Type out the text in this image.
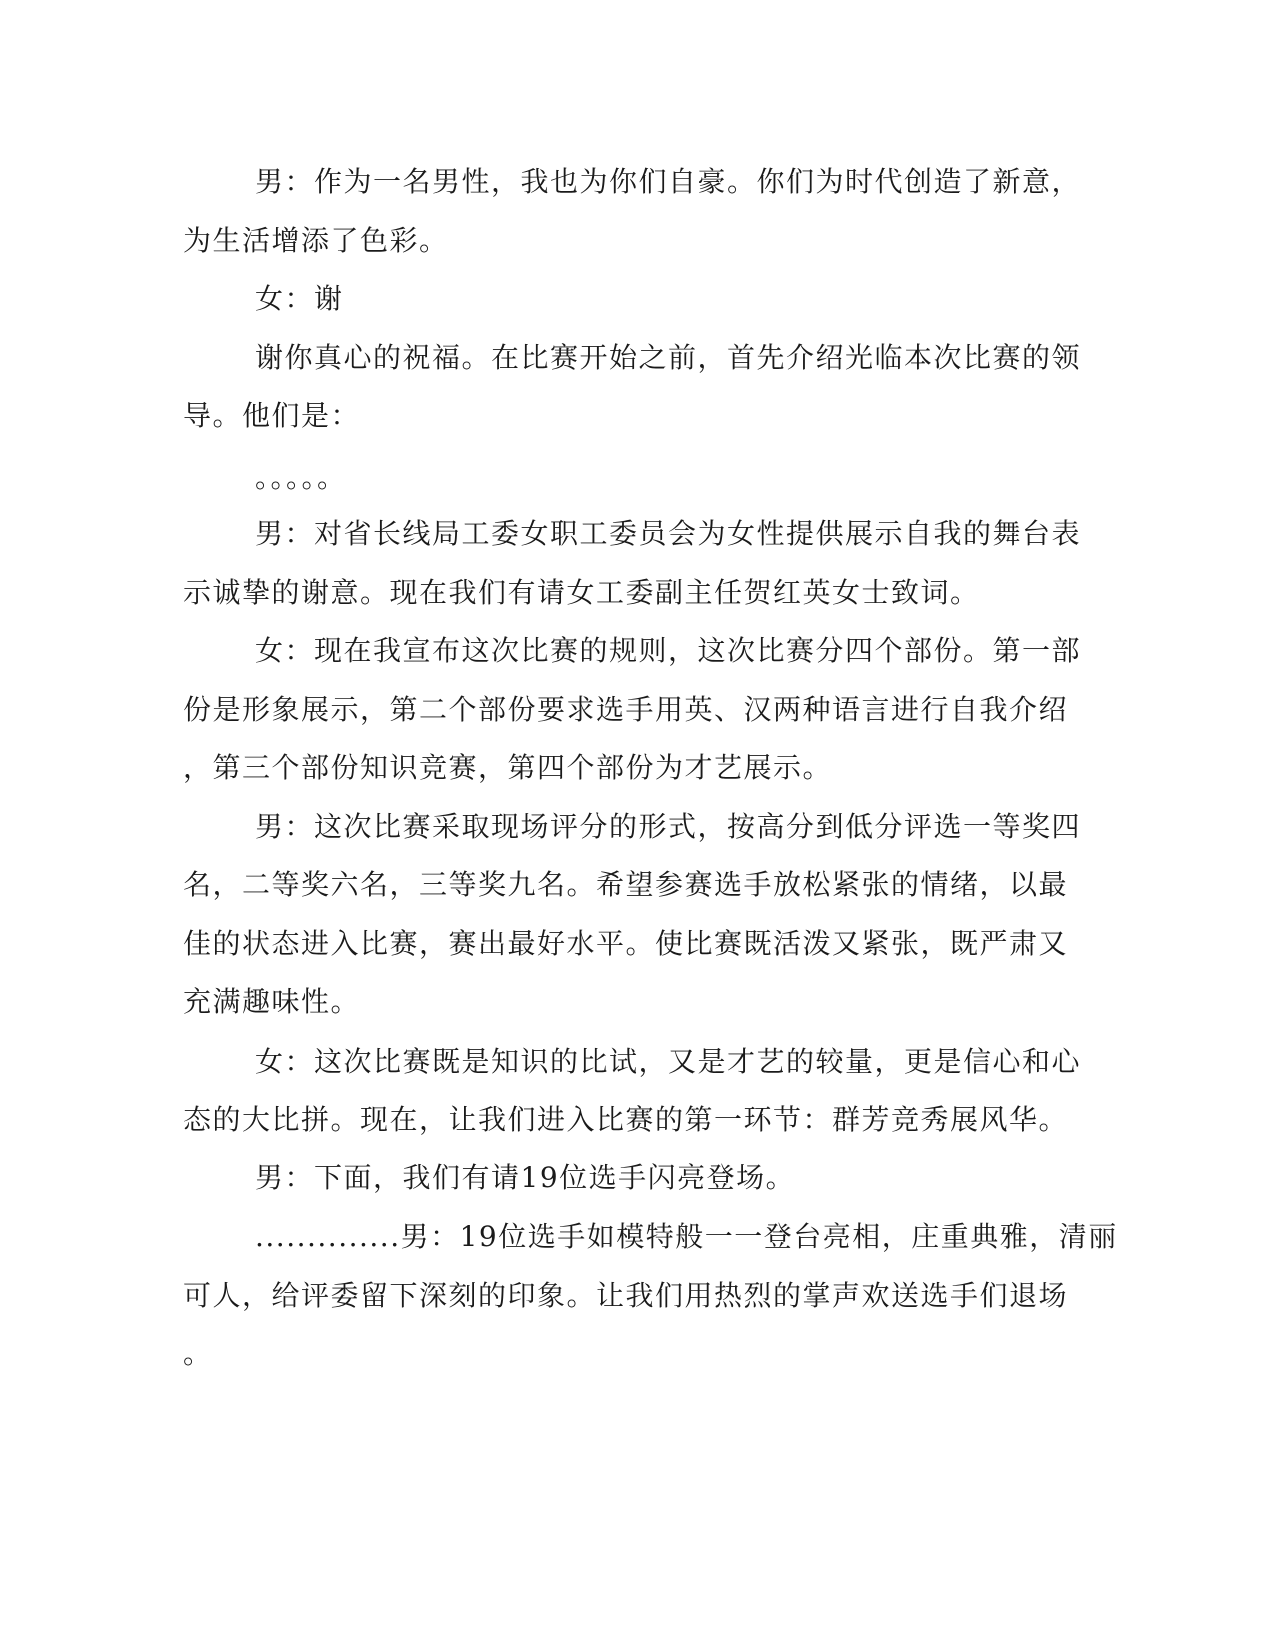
男：作为一名男性，我也为你们自豪。你们为时代创造了新意，
为生活增添了色彩。
女：谢
谢你真心的祝福。在比赛开始之前，首先介绍光临本次比赛的领
导。他们是：
。。。。。
男：对省长线局工委女职工委员会为女性提供展示自我的舞台表
示诚挚的谢意。现在我们有请女工委副主任贺红英女士致词。
女：现在我宣布这次比赛的规则，这次比赛分四个部份。第一部
份是形象展示，第二个部份要求选手用英、汉两种语言进行自我介绍
，第三个部份知识竞赛，第四个部份为才艺展示。
男：这次比赛采取现场评分的形式，按高分到低分评选一等奖四
名，二等奖六名，三等奖九名。希望参赛选手放松紧张的情绪，以最
佳的状态进入比赛，赛出最好水平。使比赛既活泼又紧张，既严肃又
充满趣味性。
女：这次比赛既是知识的比试，又是才艺的较量，更是信心和心
态的大比拼。现在，让我们进入比赛的第一环节：群芳竞秀展风华。
男：下面，我们有请19位选手闪亮登场。
..............男：19位选手如模特般一一登台亮相，庄重典雅，清丽
可人，给评委留下深刻的印象。让我们用热烈的掌声欢送选手们退场
。
